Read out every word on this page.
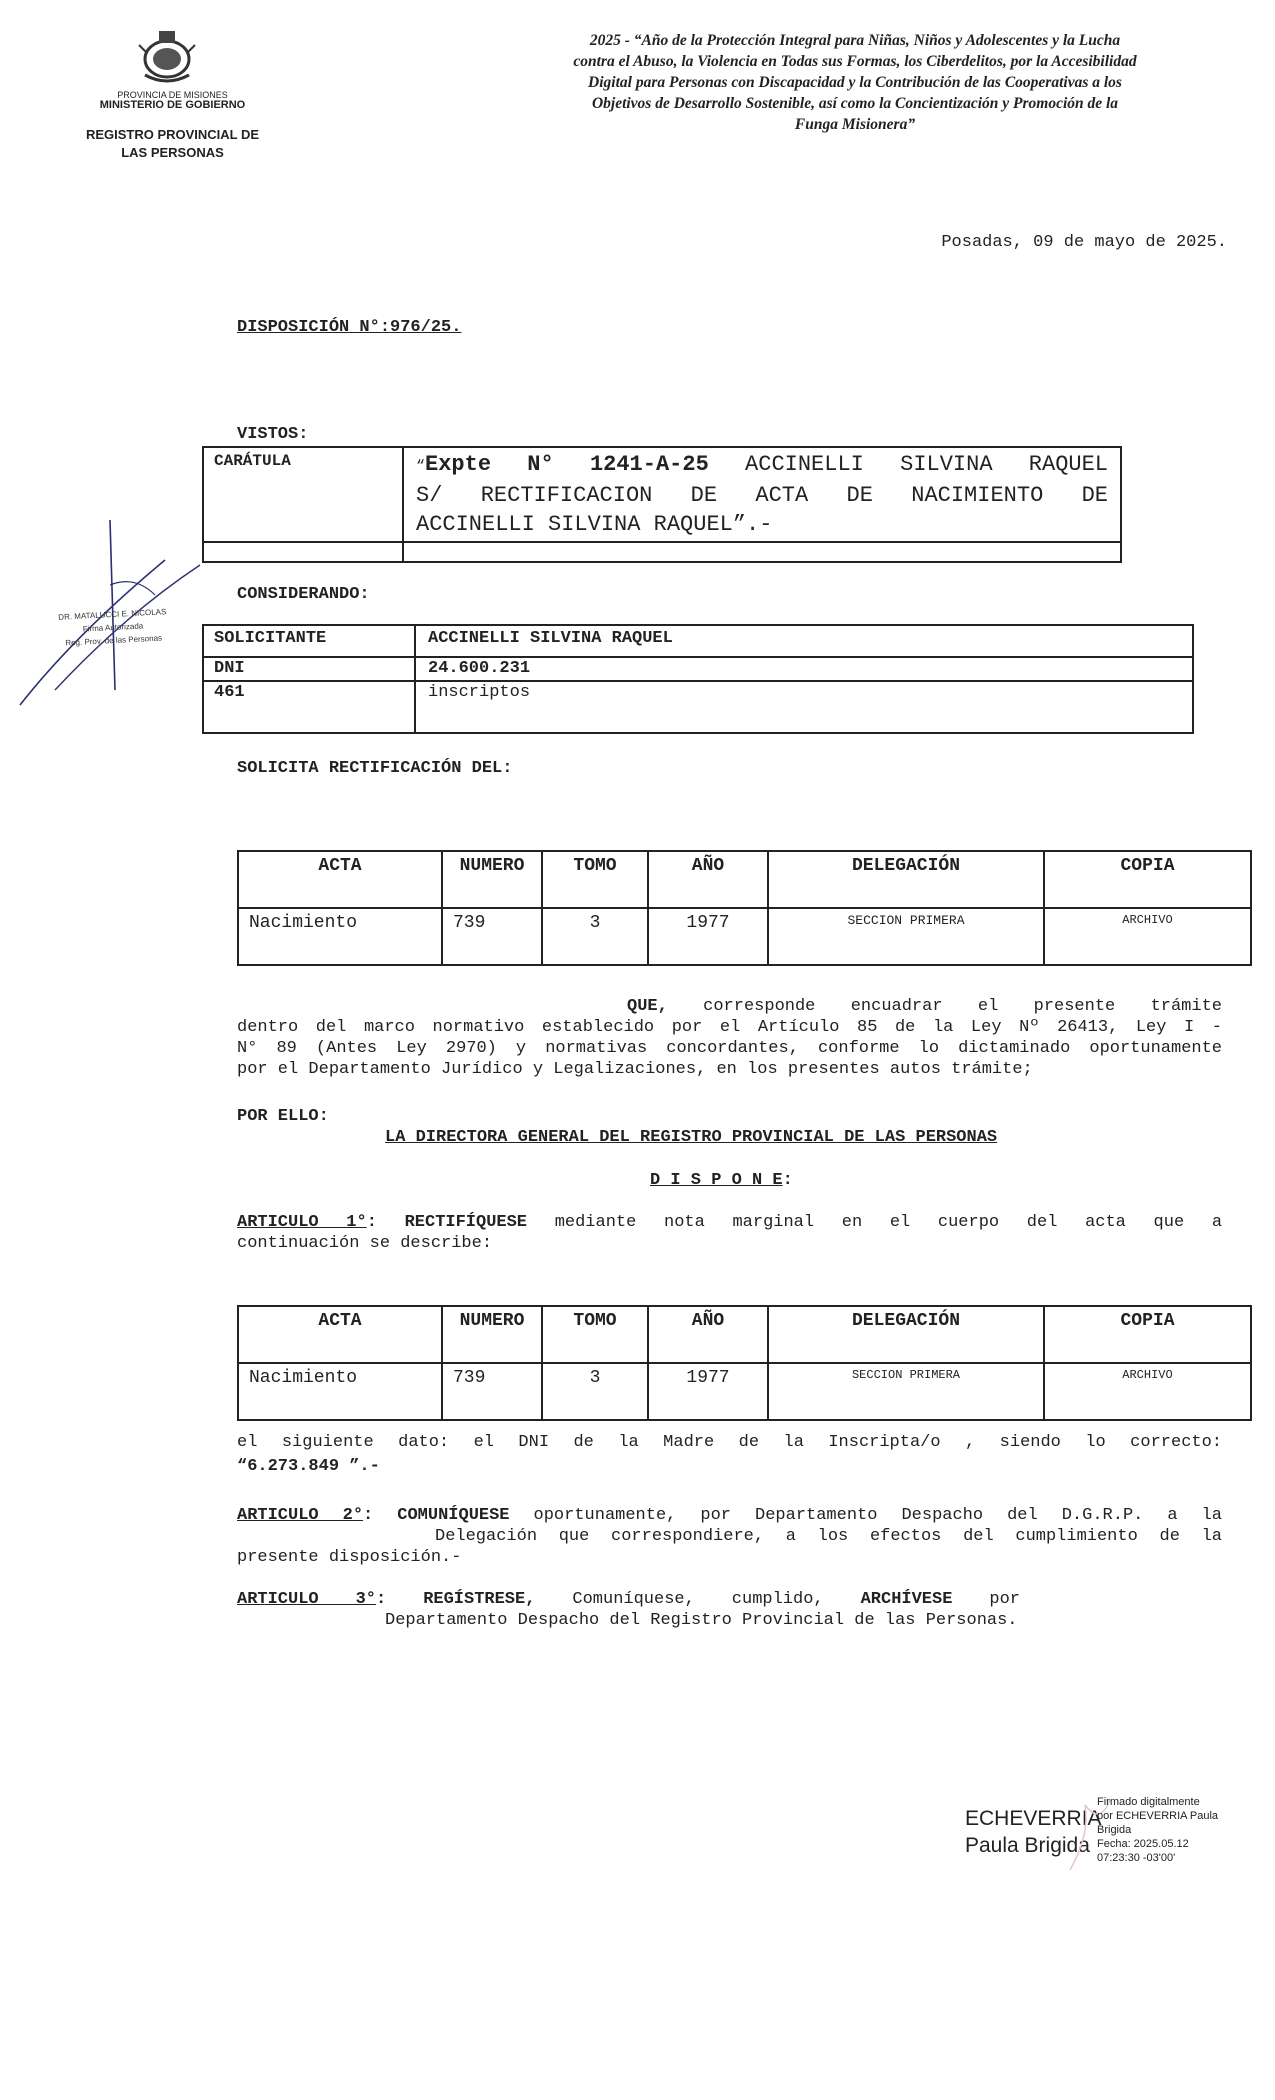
PROVINCIA DE MISIONES
MINISTERIO DE GOBIERNO
REGISTRO PROVINCIAL DE
LAS PERSONAS
2025 - “Año de la Protección Integral para Niñas, Niños y Adolescentes y la Lucha
contra el Abuso, la Violencia en Todas sus Formas, los Ciberdelitos, por la Accesibilidad
Digital para Personas con Discapacidad y la Contribución de las Cooperativas a los
Objetivos de Desarrollo Sostenible, así como la Concientización y Promoción de la
Funga Misionera”
Posadas, 09 de mayo de 2025.
DISPOSICIÓN N°:976/25.
VISTOS:
CARÁTULA	“Expte N° 1241-A-25 ACCINELLI SILVINA RAQUEL
S/ RECTIFICACION DE ACTA DE NACIMIENTO DE
ACCINELLI SILVINA RAQUEL”.-

DR. MATALUCCI E. NICOLAS
Firma Autorizada
Reg. Prov. de las Personas
CONSIDERANDO:
SOLICITANTE	ACCINELLI SILVINA RAQUEL
DNI	24.600.231
461	inscriptos
SOLICITA RECTIFICACIÓN DEL:
ACTA	NUMERO	TOMO	AÑO	DELEGACIÓN	COPIA
Nacimiento	739	3	1977	SECCION PRIMERA	ARCHIVO
QUE, corresponde encuadrar el presente trámite
dentro del marco normativo establecido por el Artículo 85 de la Ley Nº 26413, Ley I -
N° 89 (Antes Ley 2970) y normativas concordantes, conforme lo dictaminado oportunamente
por el Departamento Jurídico y Legalizaciones, en los presentes autos trámite;
POR ELLO:
LA DIRECTORA GENERAL DEL REGISTRO PROVINCIAL DE LAS PERSONAS
D I S P O N E:
ARTICULO 1°: RECTIFÍQUESE mediante nota marginal en el cuerpo del acta que a
continuación se describe:
ACTA	NUMERO	TOMO	AÑO	DELEGACIÓN	COPIA
Nacimiento	739	3	1977	SECCION PRIMERA	ARCHIVO
el siguiente dato: el DNI de la Madre de la Inscripta/o , siendo lo correcto:
“6.273.849 ”.-
ARTICULO 2°: COMUNÍQUESE oportunamente, por Departamento Despacho del D.G.R.P. a la
Delegación que correspondiere, a los efectos del cumplimiento de la
presente disposición.-
ARTICULO 3°: REGÍSTRESE, Comuníquese, cumplido, ARCHÍVESE por
Departamento Despacho del Registro Provincial de las Personas.
ECHEVERRIA
Paula Brigida
Firmado digitalmente
por ECHEVERRIA Paula
Brigida
Fecha: 2025.05.12
07:23:30 -03'00'
